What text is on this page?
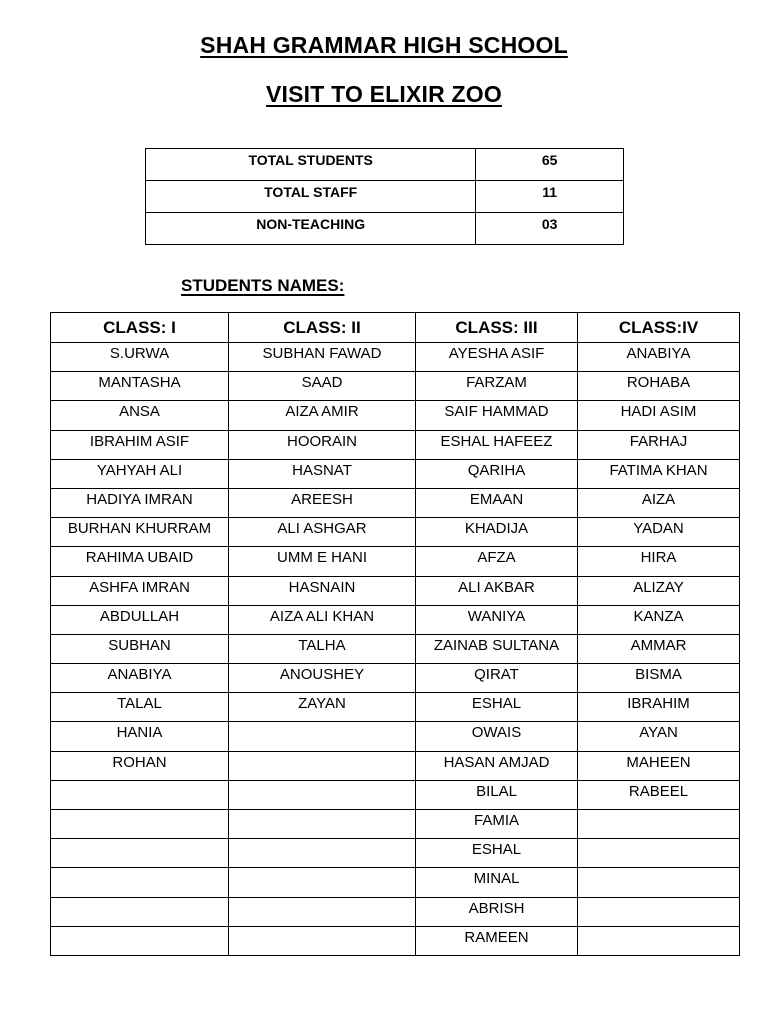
SHAH GRAMMAR HIGH SCHOOL
VISIT TO ELIXIR ZOO
TOTAL STUDENTS	65
TOTAL STAFF	11
NON-TEACHING	03
STUDENTS NAMES:
CLASS: I	CLASS: II	CLASS: III	CLASS:IV
S.URWA	SUBHAN FAWAD	AYESHA ASIF	ANABIYA
MANTASHA	SAAD	FARZAM	ROHABA
ANSA	AIZA AMIR	SAIF HAMMAD	HADI ASIM
IBRAHIM ASIF	HOORAIN	ESHAL HAFEEZ	FARHAJ
YAHYAH ALI	HASNAT	QARIHA	FATIMA KHAN
HADIYA IMRAN	AREESH	EMAAN	AIZA
BURHAN KHURRAM	ALI ASHGAR	KHADIJA	YADAN
RAHIMA UBAID	UMM E HANI	AFZA	HIRA
ASHFA IMRAN	HASNAIN	ALI AKBAR	ALIZAY
ABDULLAH	AIZA ALI KHAN	WANIYA	KANZA
SUBHAN	TALHA	ZAINAB SULTANA	AMMAR
ANABIYA	ANOUSHEY	QIRAT	BISMA
TALAL	ZAYAN	ESHAL	IBRAHIM
HANIA		OWAIS	AYAN
ROHAN		HASAN AMJAD	MAHEEN
		BILAL	RABEEL
		FAMIA	
		ESHAL	
		MINAL	
		ABRISH	
		RAMEEN	
